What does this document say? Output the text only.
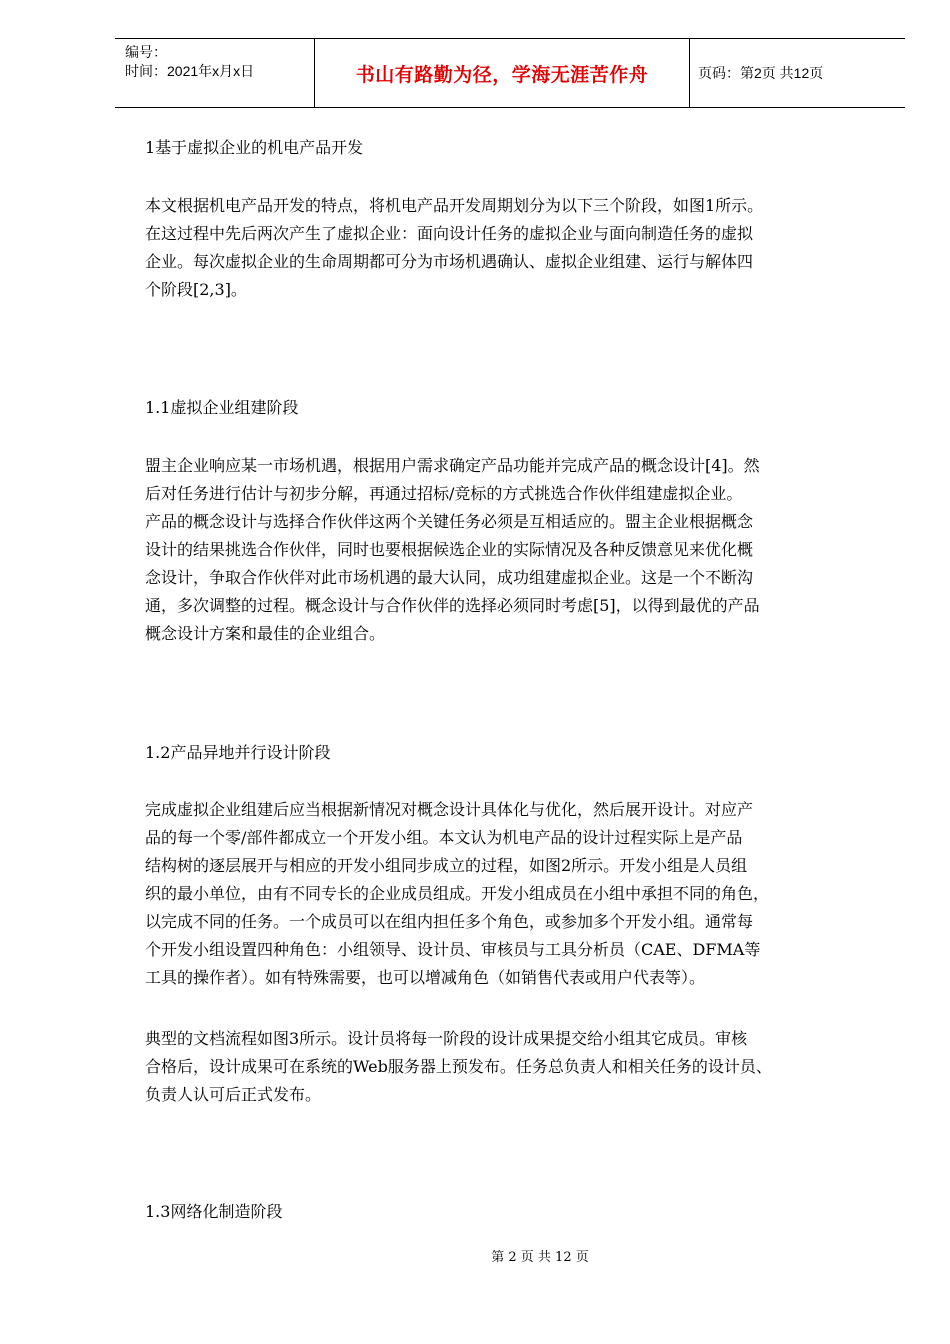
编号：
时间：2021年x月x日	书山有路勤为径，学海无涯苦作舟	页码：第2页 共12页
1基于虚拟企业的机电产品开发
本文根据机电产品开发的特点，将机电产品开发周期划分为以下三个阶段，如图1所示。
在这过程中先后两次产生了虚拟企业：面向设计任务的虚拟企业与面向制造任务的虚拟
企业。每次虚拟企业的生命周期都可分为市场机遇确认、虚拟企业组建、运行与解体四
个阶段[2,3]。
1.1虚拟企业组建阶段
盟主企业响应某一市场机遇，根据用户需求确定产品功能并完成产品的概念设计[4]。然
后对任务进行估计与初步分解，再通过招标/竞标的方式挑选合作伙伴组建虚拟企业。
产品的概念设计与选择合作伙伴这两个关键任务必须是互相适应的。盟主企业根据概念
设计的结果挑选合作伙伴，同时也要根据候选企业的实际情况及各种反馈意见来优化概
念设计，争取合作伙伴对此市场机遇的最大认同，成功组建虚拟企业。这是一个不断沟
通，多次调整的过程。概念设计与合作伙伴的选择必须同时考虑[5]，以得到最优的产品
概念设计方案和最佳的企业组合。
1.2产品异地并行设计阶段
完成虚拟企业组建后应当根据新情况对概念设计具体化与优化，然后展开设计。对应产
品的每一个零/部件都成立一个开发小组。本文认为机电产品的设计过程实际上是产品
结构树的逐层展开与相应的开发小组同步成立的过程，如图2所示。开发小组是人员组
织的最小单位，由有不同专长的企业成员组成。开发小组成员在小组中承担不同的角色，
以完成不同的任务。一个成员可以在组内担任多个角色，或参加多个开发小组。通常每
个开发小组设置四种角色：小组领导、设计员、审核员与工具分析员（CAE、DFMA等
工具的操作者）。如有特殊需要，也可以增减角色（如销售代表或用户代表等）。
典型的文档流程如图3所示。设计员将每一阶段的设计成果提交给小组其它成员。审核
合格后，设计成果可在系统的Web服务器上预发布。任务总负责人和相关任务的设计员、
负责人认可后正式发布。
1.3网络化制造阶段
第 2 页 共 12 页
